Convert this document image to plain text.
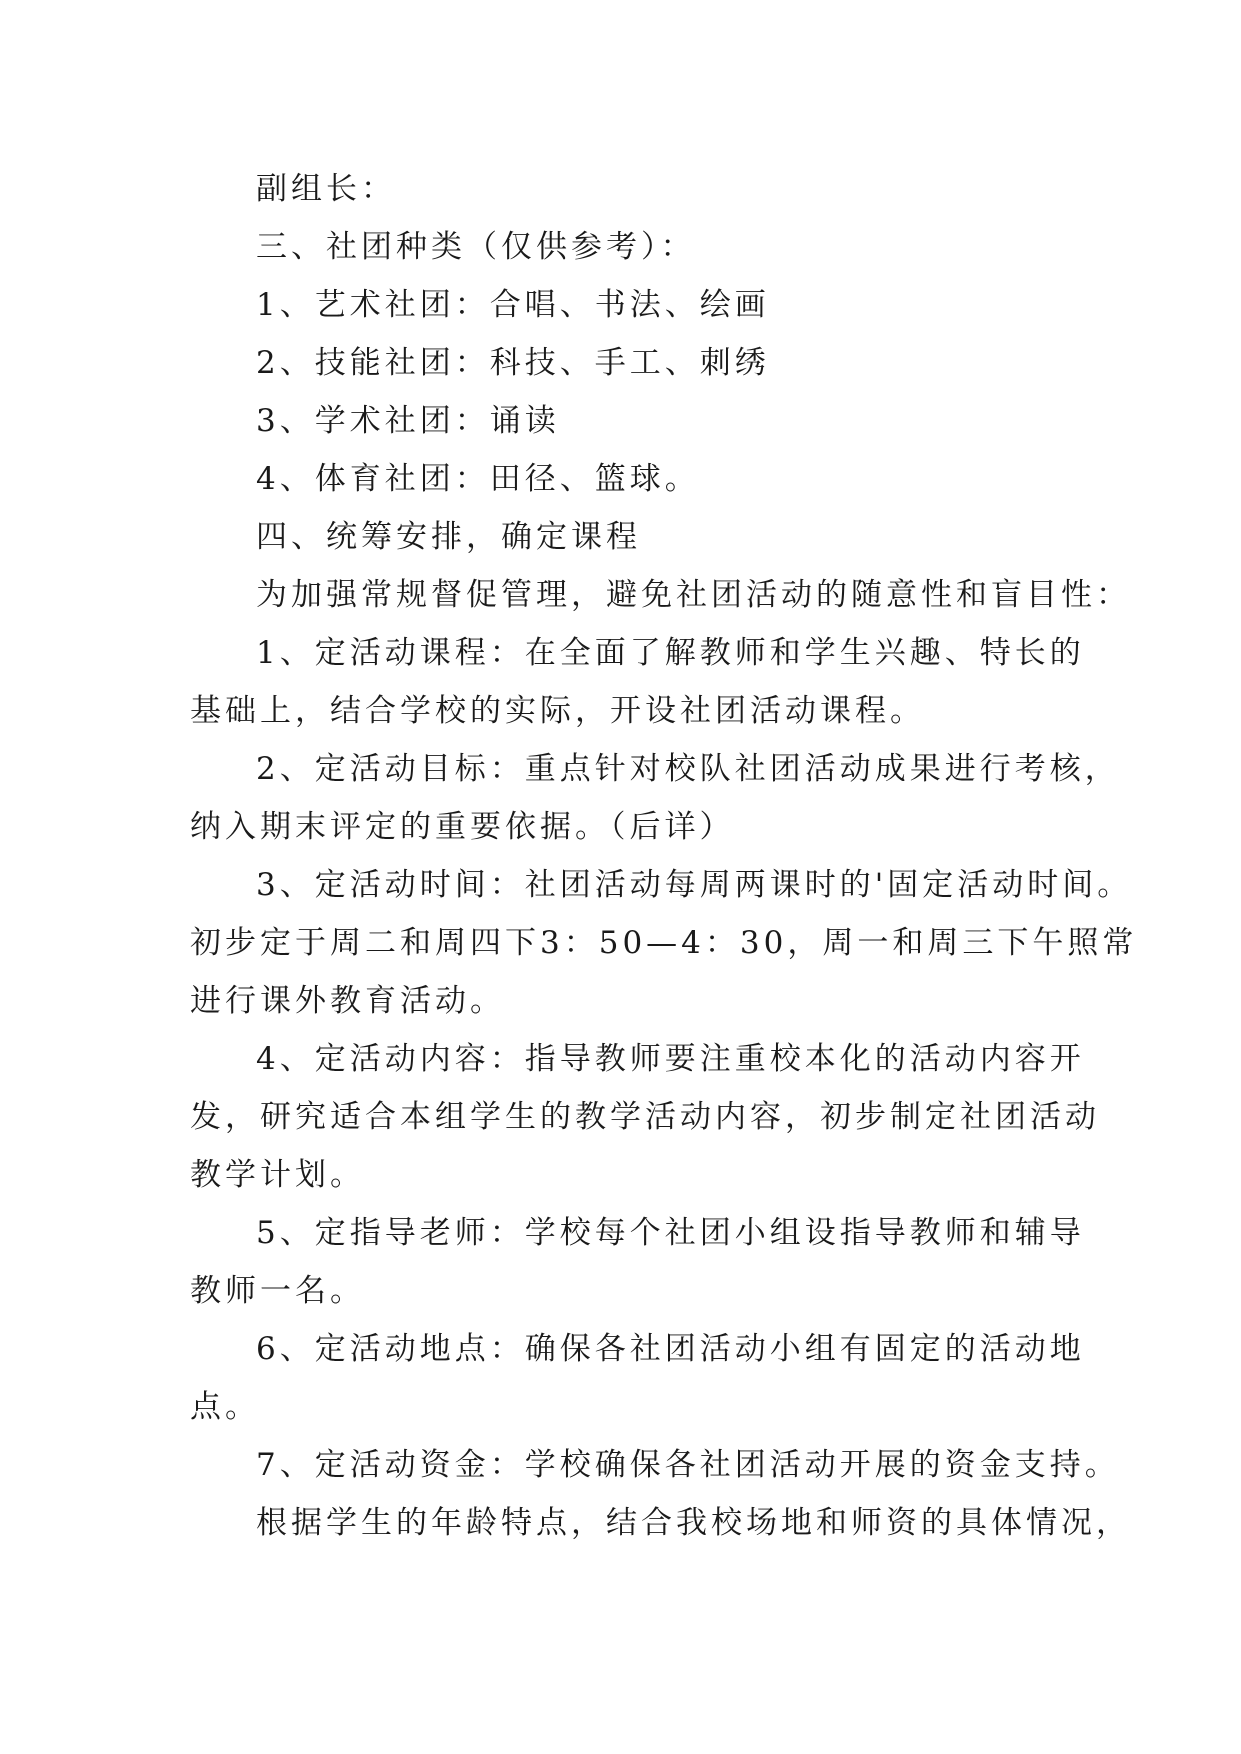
副组长：
三、社团种类（仅供参考）：
1、艺术社团：合唱、书法、绘画
2、技能社团：科技、手工、刺绣
3、学术社团：诵读
4、体育社团：田径、篮球。
四、统筹安排，确定课程
为加强常规督促管理，避免社团活动的随意性和盲目性：
1、定活动课程：在全面了解教师和学生兴趣、特长的
基础上，结合学校的实际，开设社团活动课程。
2、定活动目标：重点针对校队社团活动成果进行考核，
纳入期末评定的重要依据。（后详）
3、定活动时间：社团活动每周两课时的'固定活动时间。
初步定于周二和周四下3：50—4：30，周一和周三下午照常
进行课外教育活动。
4、定活动内容：指导教师要注重校本化的活动内容开
发，研究适合本组学生的教学活动内容，初步制定社团活动
教学计划。
5、定指导老师：学校每个社团小组设指导教师和辅导
教师一名。
6、定活动地点：确保各社团活动小组有固定的活动地
点。
7、定活动资金：学校确保各社团活动开展的资金支持。
根据学生的年龄特点，结合我校场地和师资的具体情况，
